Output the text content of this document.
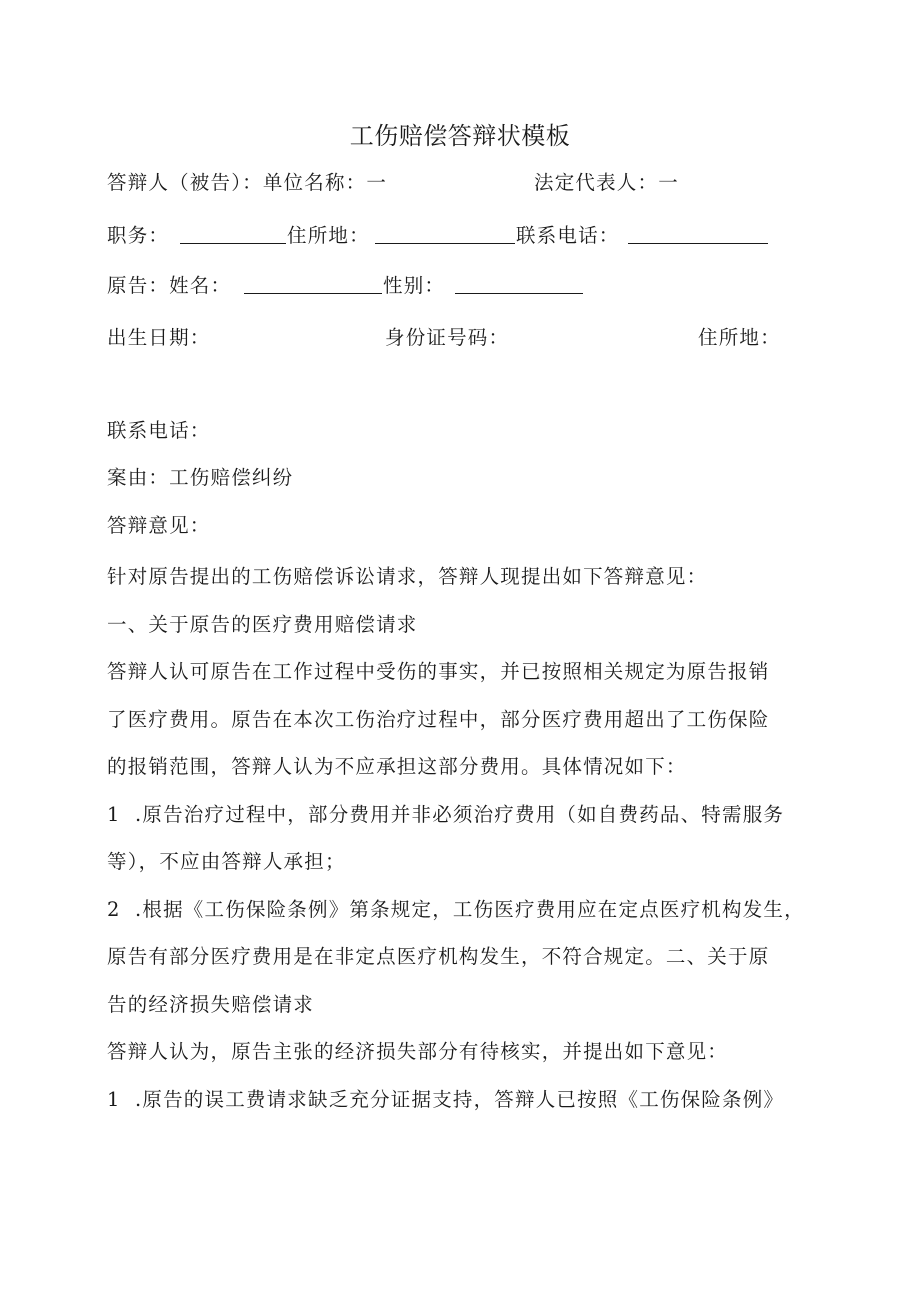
工伤赔偿答辩状模板
答辩人（被告）：单位名称：一	法定代表人：一
职务：	住所地：	联系电话：
原告：姓名：	性别：
出生日期：	身份证号码：	住所地：
联系电话：
案由：工伤赔偿纠纷
答辩意见：

针对原告提出的工伤赔偿诉讼请求，答辩人现提出如下答辩意见：

一、关于原告的医疗费用赔偿请求

答辩人认可原告在工作过程中受伤的事实，并已按照相关规定为原告报销

了医疗费用。原告在本次工伤治疗过程中，部分医疗费用超出了工伤保险

的报销范围，答辩人认为不应承担这部分费用。具体情况如下：

1 .原告治疗过程中，部分费用并非必须治疗费用（如自费药品、特需服务

等），不应由答辩人承担；

2 .根据《工伤保险条例》第条规定，工伤医疗费用应在定点医疗机构发生，

原告有部分医疗费用是在非定点医疗机构发生，不符合规定。二、关于原

告的经济损失赔偿请求

答辩人认为，原告主张的经济损失部分有待核实，并提出如下意见：

1 .原告的误工费请求缺乏充分证据支持，答辩人已按照《工伤保险条例》
